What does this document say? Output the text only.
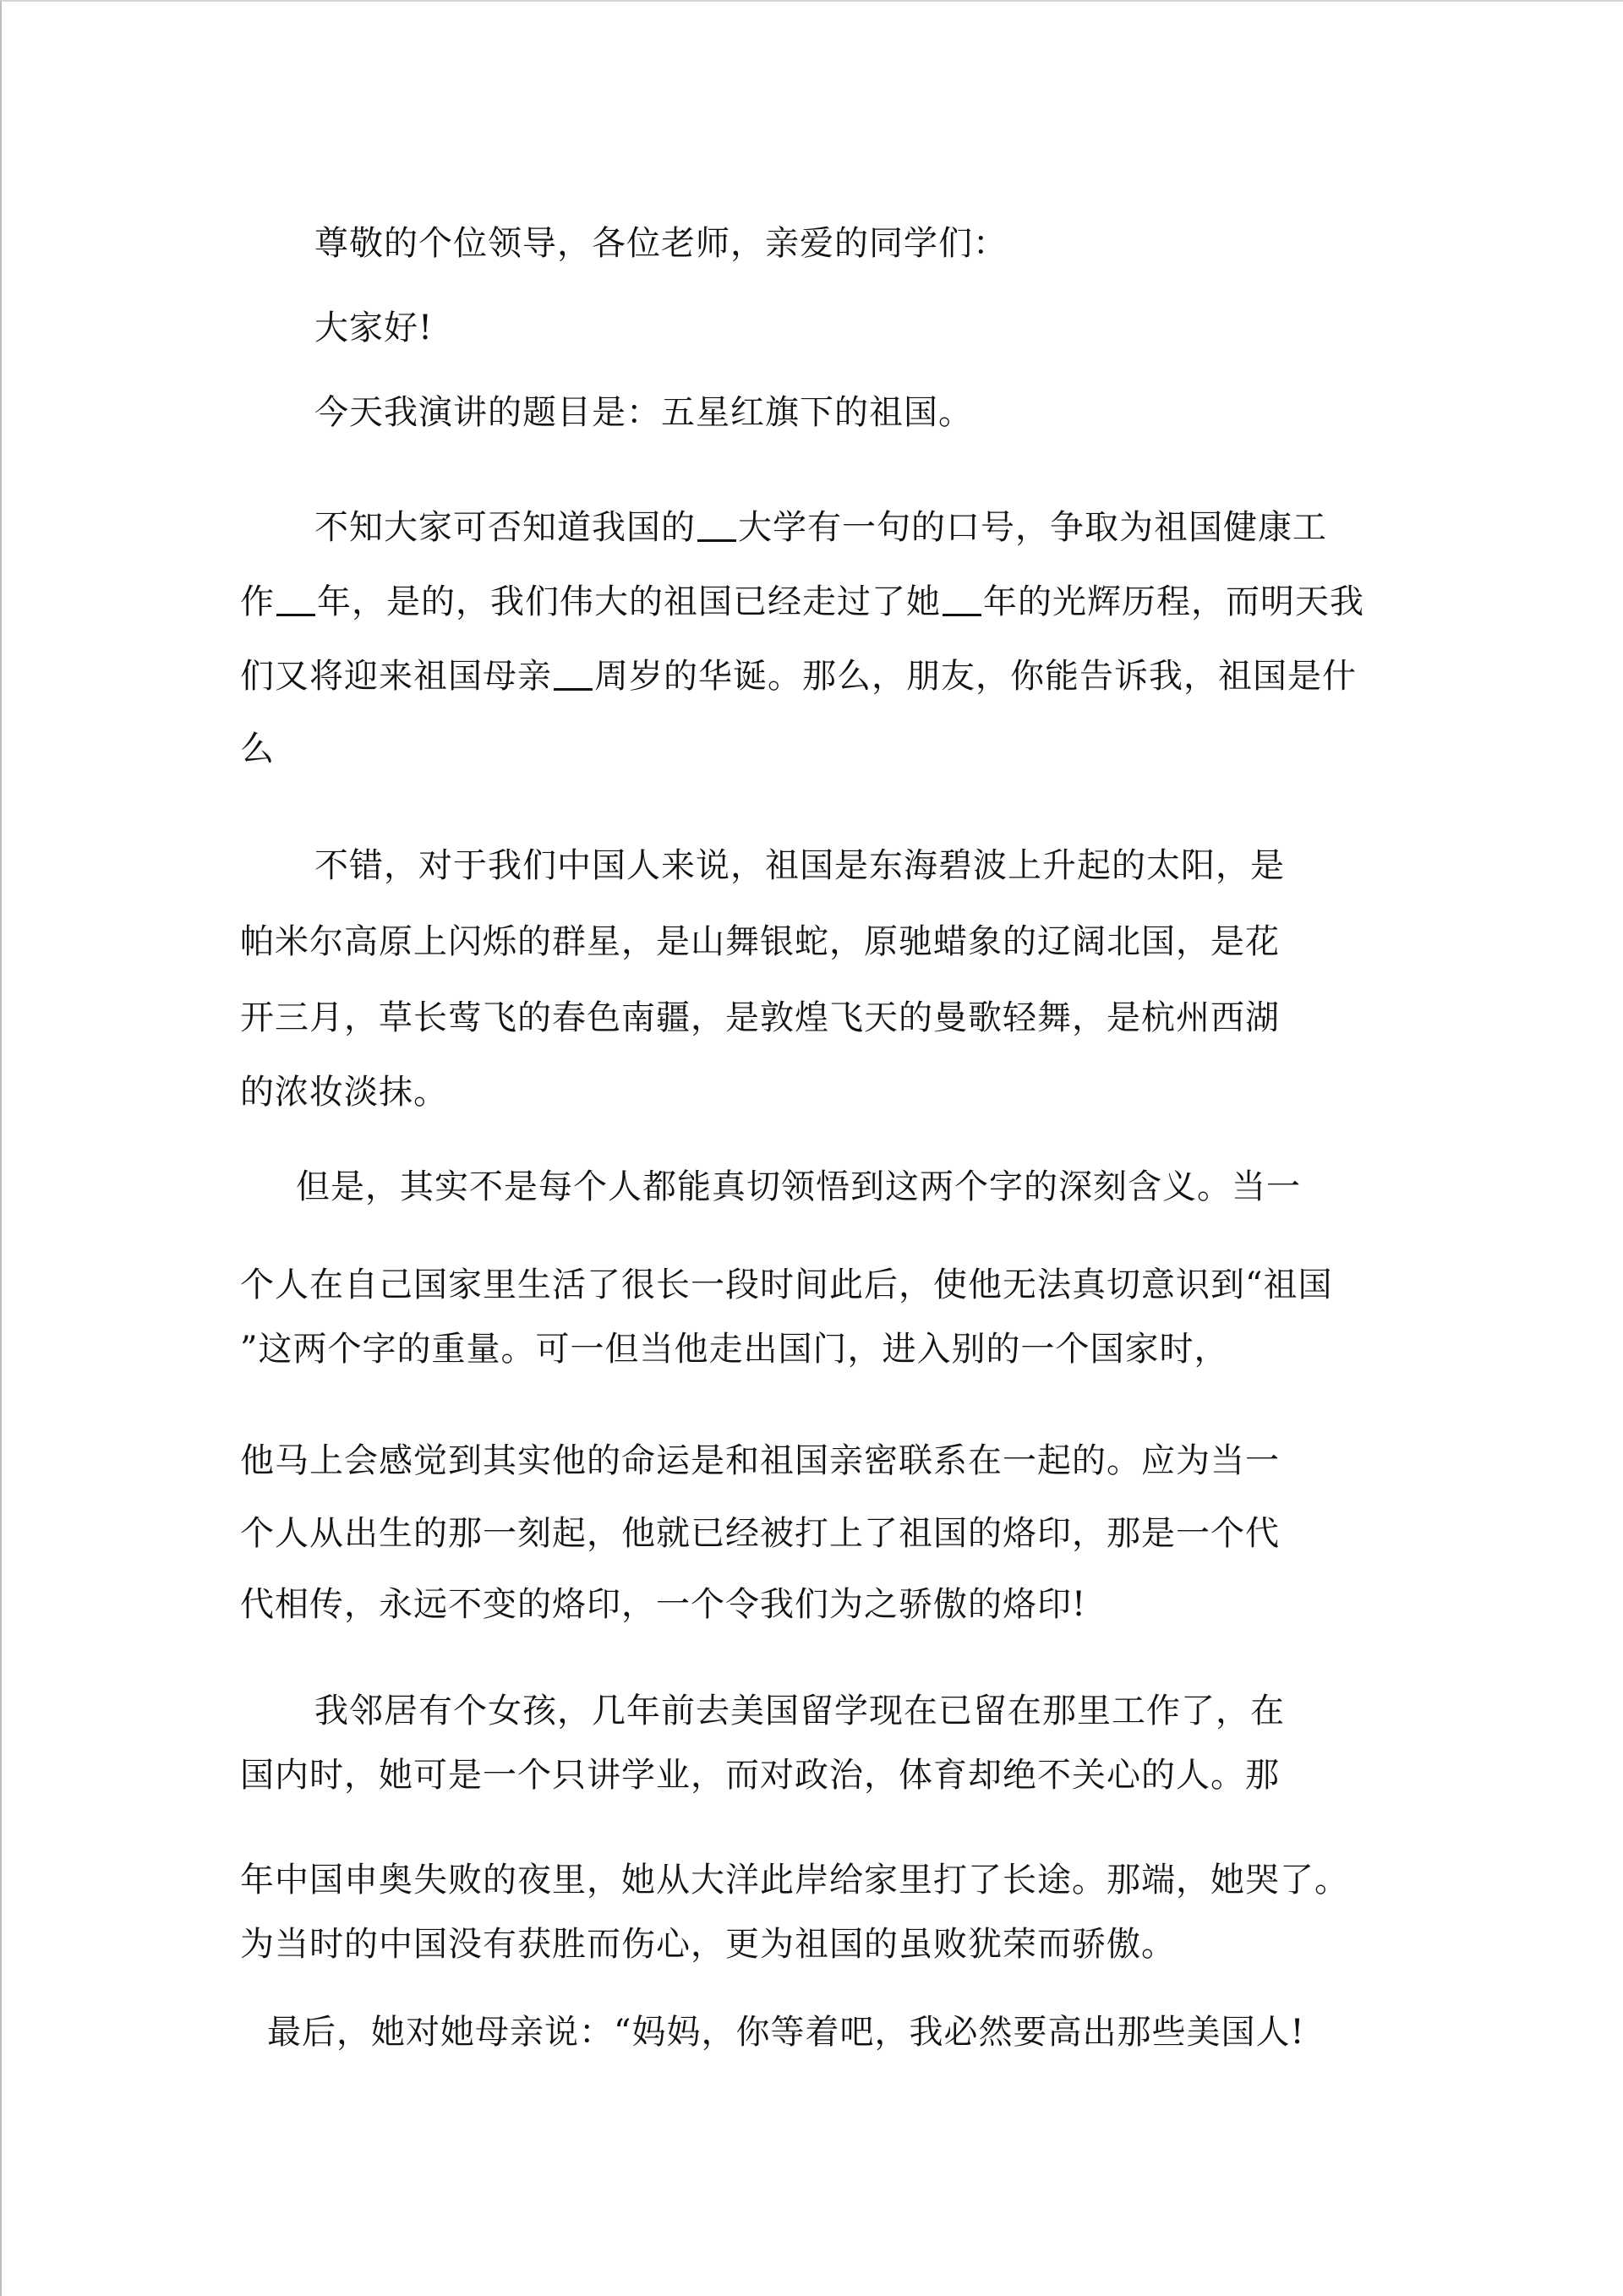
尊敬的个位领导，各位老师，亲爱的同学们：
大家好!
今天我演讲的题目是：五星红旗下的祖国。
不知大家可否知道我国的 大学有一句的口号，争取为祖国健康工
作 年，是的，我们伟大的祖国已经走过了她 年的光辉历程，而明天我
们又将迎来祖国母亲 周岁的华诞。那么，朋友，你能告诉我，祖国是什
么
不错，对于我们中国人来说，祖国是东海碧波上升起的太阳，是
帕米尔高原上闪烁的群星，是山舞银蛇，原驰蜡象的辽阔北国，是花
开三月，草长莺飞的春色南疆，是敦煌飞天的曼歌轻舞，是杭州西湖
的浓妆淡抹。
但是，其实不是每个人都能真切领悟到这两个字的深刻含义。当一
个人在自己国家里生活了很长一段时间此后，使他无法真切意识到“祖国
”这两个字的重量。可一但当他走出国门，进入别的一个国家时，
他马上会感觉到其实他的命运是和祖国亲密联系在一起的。应为当一
个人从出生的那一刻起，他就已经被打上了祖国的烙印，那是一个代
代相传，永远不变的烙印，一个令我们为之骄傲的烙印!
我邻居有个女孩，几年前去美国留学现在已留在那里工作了，在
国内时，她可是一个只讲学业，而对政治，体育却绝不关心的人。那
年中国申奥失败的夜里，她从大洋此岸给家里打了长途。那端，她哭了。
为当时的中国没有获胜而伤心，更为祖国的虽败犹荣而骄傲。
最后，她对她母亲说：“妈妈，你等着吧，我必然要高出那些美国人!
